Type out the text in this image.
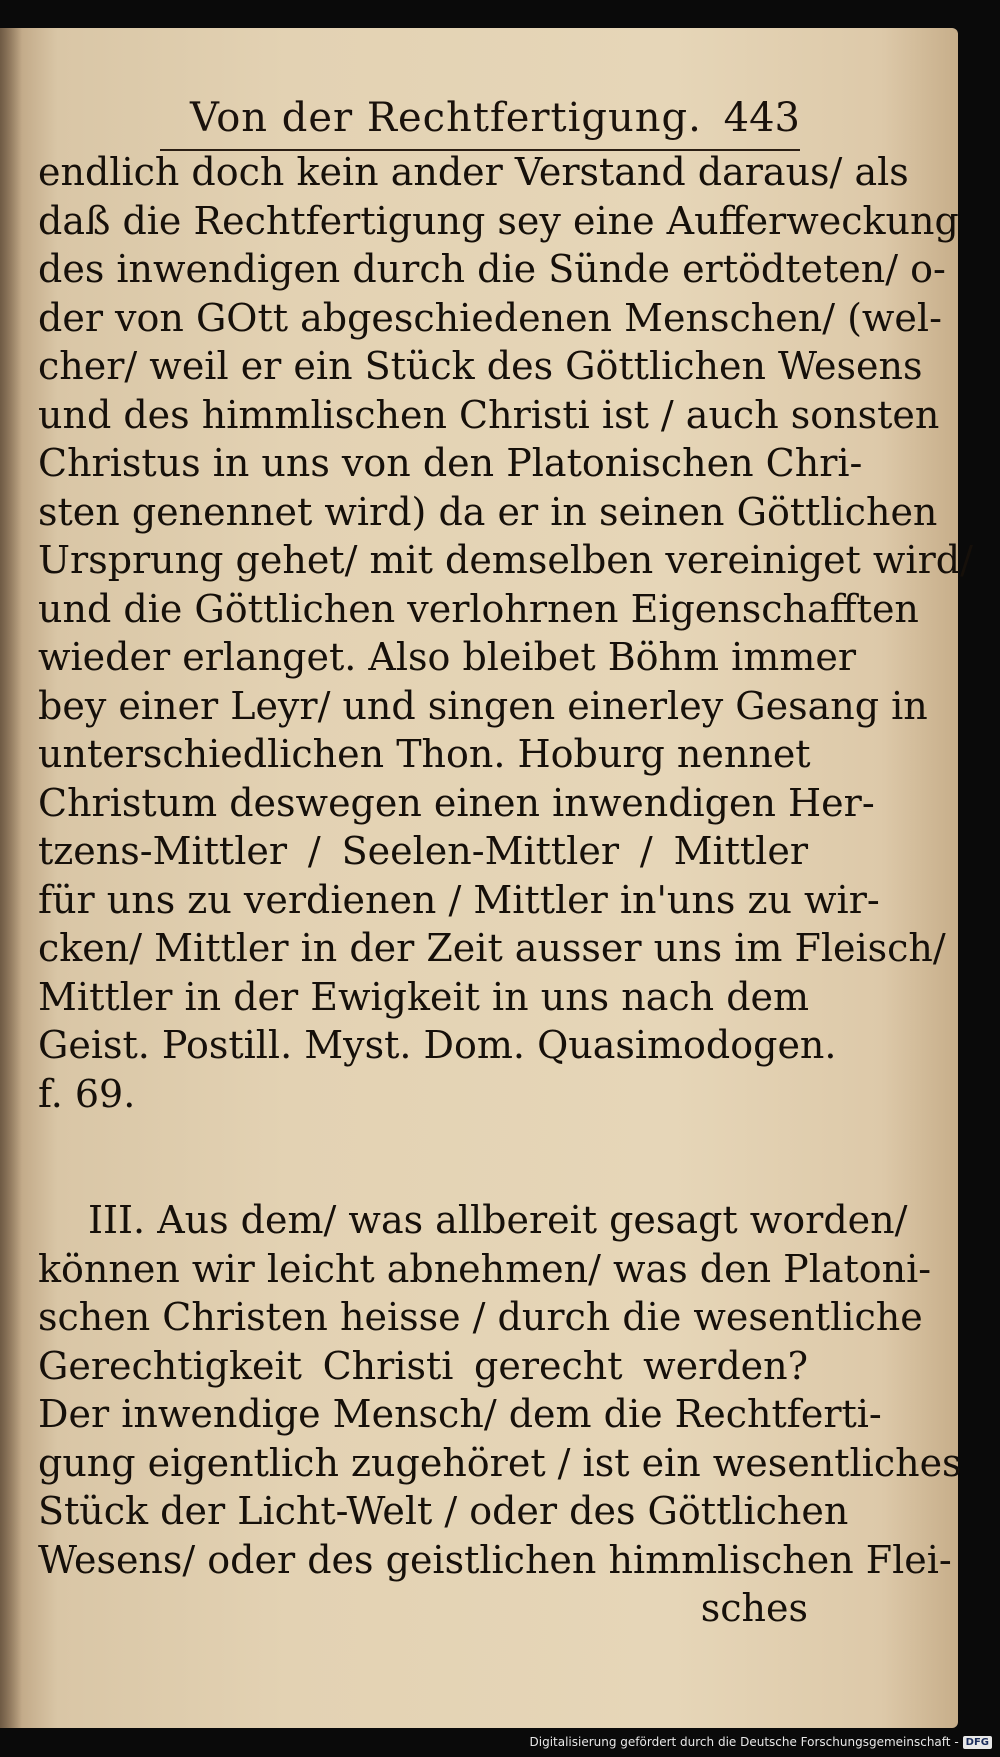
Von der Rechtfertigung. 443
endlich doch kein ander Verstand daraus/ als
daß die Rechtfertigung sey eine Aufferweckung
des inwendigen durch die Sünde ertödteten/ o-
der von GOtt abgeschiedenen Menschen/ (wel-
cher/ weil er ein Stück des Göttlichen Wesens
und des himmlischen Christi ist / auch sonsten
Christus in uns von den Platonischen Chri-
sten genennet wird) da er in seinen Göttlichen
Ursprung gehet/ mit demselben vereiniget wird/
und die Göttlichen verlohrnen Eigenschafften
wieder erlanget. Also bleibet Böhm immer
bey einer Leyr/ und singen einerley Gesang in
unterschiedlichen Thon. Hoburg nennet
Christum deswegen einen inwendigen Her-
tzens-Mittler / Seelen-Mittler / Mittler
für uns zu verdienen / Mittler in'uns zu wir-
cken/ Mittler in der Zeit ausser uns im Fleisch/
Mittler in der Ewigkeit in uns nach dem
Geist. Postill. Myst. Dom. Quasimodogen.
f. 69.
III. Aus dem/ was allbereit gesagt worden/
können wir leicht abnehmen/ was den Platoni-
schen Christen heisse / durch die wesentliche
Gerechtigkeit Christi gerecht werden?
Der inwendige Mensch/ dem die Rechtferti-
gung eigentlich zugehöret / ist ein wesentliches
Stück der Licht-Welt / oder des Göttlichen
Wesens/ oder des geistlichen himmlischen Flei-
sches
Digitalisierung gefördert durch die Deutsche Forschungsgemeinschaft - DFG
